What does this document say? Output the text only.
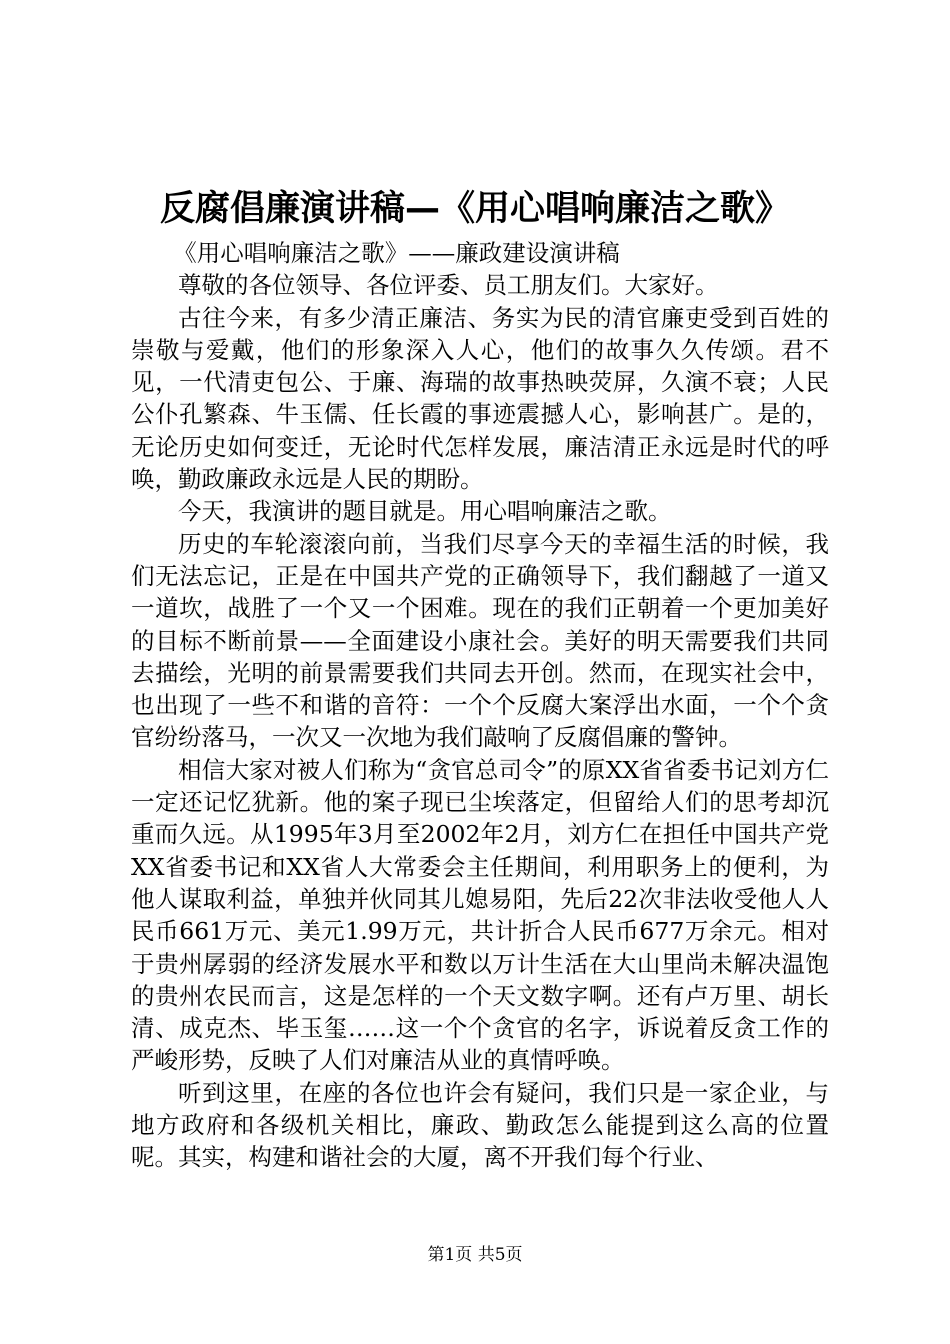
反腐倡廉演讲稿—《用心唱响廉洁之歌》

《用心唱响廉洁之歌》——廉政建设演讲稿

尊敬的各位领导、各位评委、员工朋友们。大家好。

古往今来，有多少清正廉洁、务实为民的清官廉吏受到百姓的崇敬与爱戴，他们的形象深入人心，他们的故事久久传颂。君不见，一代清吏包公、于廉、海瑞的故事热映荧屏，久演不衰；人民公仆孔繁森、牛玉儒、任长霞的事迹震撼人心，影响甚广。是的，无论历史如何变迁，无论时代怎样发展，廉洁清正永远是时代的呼唤，勤政廉政永远是人民的期盼。

今天，我演讲的题目就是。用心唱响廉洁之歌。

历史的车轮滚滚向前，当我们尽享今天的幸福生活的时候，我们无法忘记，正是在中国共产党的正确领导下，我们翻越了一道又一道坎，战胜了一个又一个困难。现在的我们正朝着一个更加美好的目标不断前景——全面建设小康社会。美好的明天需要我们共同去描绘，光明的前景需要我们共同去开创。然而，在现实社会中，也出现了一些不和谐的音符：一个个反腐大案浮出水面，一个个贪官纷纷落马，一次又一次地为我们敲响了反腐倡廉的警钟。

相信大家对被人们称为“贪官总司令”的原XX省省委书记刘方仁一定还记忆犹新。他的案子现已尘埃落定，但留给人们的思考却沉重而久远。从1995年3月至2002年2月，刘方仁在担任中国共产党XX省委书记和XX省人大常委会主任期间，利用职务上的便利，为他人谋取利益，单独并伙同其儿媳易阳，先后22次非法收受他人人民币661万元、美元1.99万元，共计折合人民币677万余元。相对于贵州孱弱的经济发展水平和数以万计生活在大山里尚未解决温饱的贵州农民而言，这是怎样的一个天文数字啊。还有卢万里、胡长清、成克杰、毕玉玺……这一个个贪官的名字，诉说着反贪工作的严峻形势，反映了人们对廉洁从业的真情呼唤。

听到这里，在座的各位也许会有疑问，我们只是一家企业，与地方政府和各级机关相比，廉政、勤政怎么能提到这么高的位置呢。其实，构建和谐社会的大厦，离不开我们每个行业、

第1页 共5页
